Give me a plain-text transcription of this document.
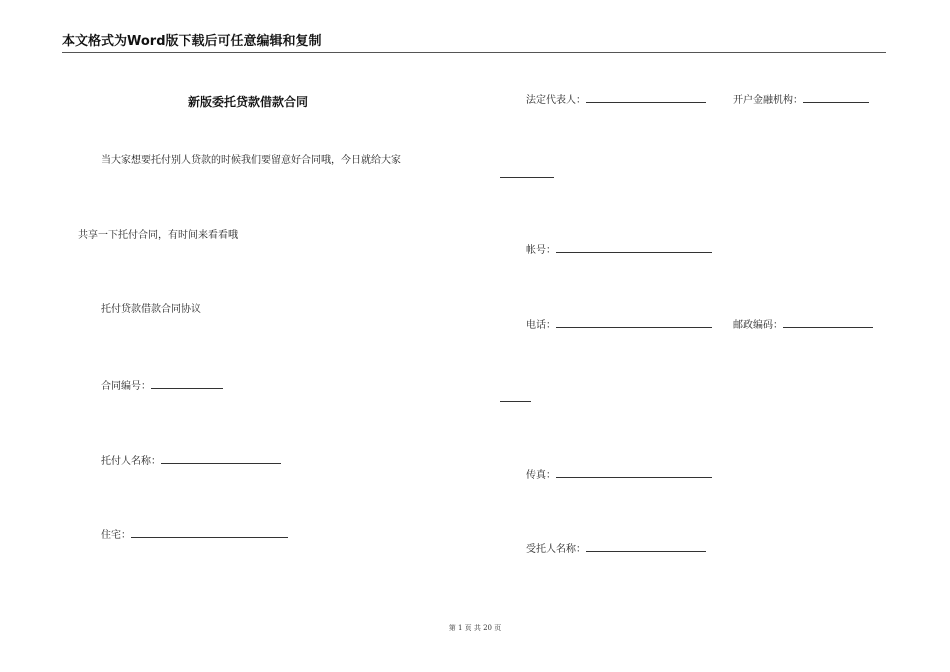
本文格式为Word版下载后可任意编辑和复制
新版委托贷款借款合同
当大家想要托付别人贷款的时候我们要留意好合同哦，今日就给大家
共享一下托付合同，有时间来看看哦
托付贷款借款合同协议
合同编号：
托付人名称：
住宅：
法定代表人：	开户金融机构：
帐号：
电话：	邮政编码：
传真：
受托人名称：
第 1 页 共 20 页
